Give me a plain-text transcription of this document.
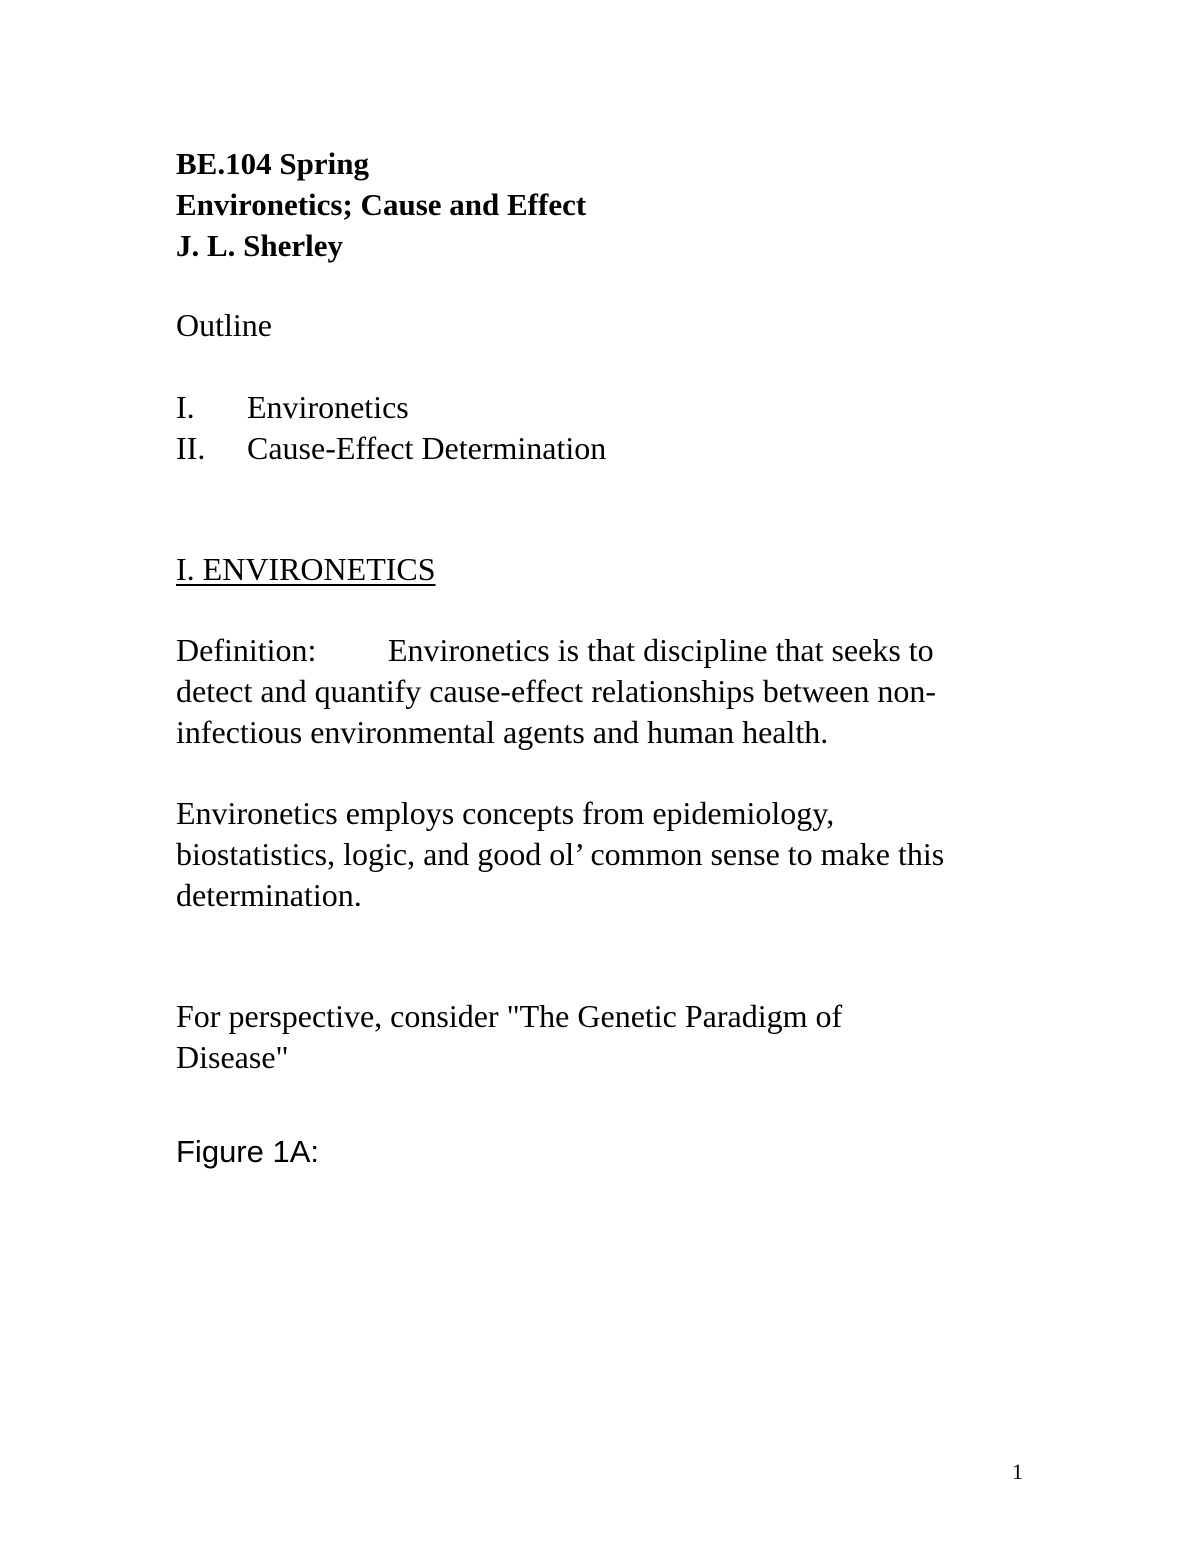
BE.104 Spring
Environetics; Cause and Effect
J. L. Sherley
Outline
I.	Environetics
II.	Cause-Effect Determination
I. ENVIRONETICS
Definition: Environetics is that discipline that seeks to
detect and quantify cause-effect relationships between non-
infectious environmental agents and human health.
Environetics employs concepts from epidemiology,
biostatistics, logic, and good ol’ common sense to make this
determination.
For perspective, consider "The Genetic Paradigm of
Disease"
Figure 1A:
1
